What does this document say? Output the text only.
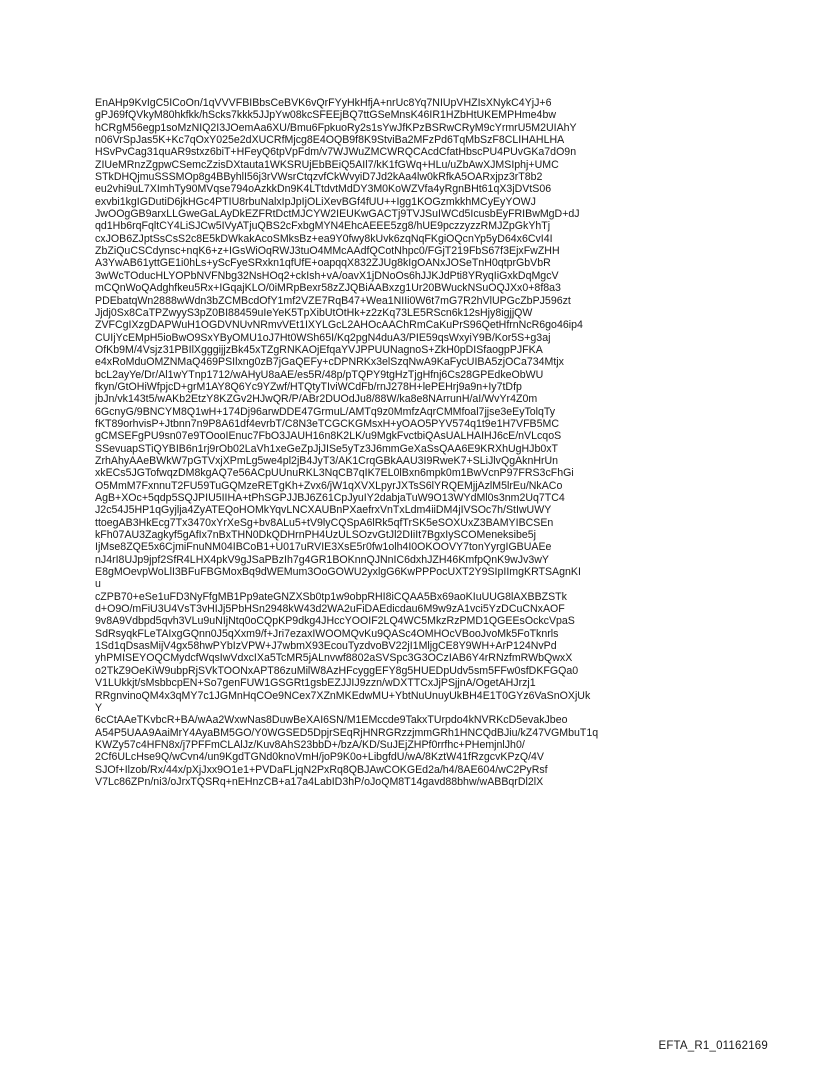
EnAHp9KvIgC5ICoOn/1qVVVFBIBbsCeBVK6vQrFYyHkHfjA+nrUc8Yq7NIUpVHZIsXNykC4YjJ+6
gPJ69fQVkyM80hkfkk/hScks7kkk5JJpYw08kcSFEEjBQ7ttGSeMnsK46IR1HZbHtUKEMPHme4bw
hCRgM56egp1soMzNIQ2I3JOemAa6XU/Bmu6FpkuoRy2s1sYwJfKPzBSRwCRyM9cYrmrU5M2UIAhY
n06VrSpJas5K+Kc7qOxY025e2dXUCRfMjcg8E4OQB9f8K9StviBa2MFzPd6TqMbSzF8CLIHAHLHA
HSvPvCag31quAR9stxz6biT+HFeyQ6tpVpFdm/v7WJWuZMCWRQCAcdCfatHbscPU4PUvGKa7dO9n
ZIUeMRnzZgpwCSemcZzisDXtauta1WKSRUjEbBEiQ5AIl7/kK1fGWq+HLu/uZbAwXJMSIphj+UMC
STkDHQjmuSSSMOp8g4BByhlI56j3rVWsrCtqzvfCkWvyiD7Jd2kAa4lw0kRfkA5OARxjpz3rT8b2
eu2vhi9uL7XImhTy90MVqse794oAzkkDn9K4LTtdvtMdDY3M0KoWZVfa4yRgnBHt61qX3jDVtS06
exvbi1kgIGDutiD6jkHGc4PTIU8rbuNalxIpJpIjOLiXevBGf4fUU++Igg1KOGzmkkhMCyEyYOWJ
JwOOgGB9arxLLGweGaLAyDkEZFRtDctMJCYW2IEUKwGACTj9TVJSuIWCd5IcusbEyFRIBwMgD+dJ
qd1Hb6rqFqltCY4LiSJCw5IVyATjuQBS2cFxbgMYN4EhcAEEE5zg8/hUE9pczzyzzRMJZpGkYhTj
cxJOB6ZJptSsCsS2c8E5kDWkakAcoSMksBz+ea9Y0fwy8kUvk6zqNqFKgiOQcnYp5yD64x6CvI4I
ZbZiQuCSCdynsc+nqK6+z+IGsWiOqRWJ3tuO4MMcAAdfQCotNhpc0/FGjT219FbS67f3EjxFwZHH
A3YwAB61yttGE1i0hLs+yScFyeSRxkn1qfUfE+oapqqX832ZJUg8kIgOANxJOSeTnH0qtprGbVbR
3wWcTOducHLYOPbNVFNbg32NsHOq2+ckIsh+vA/oavX1jDNoOs6hJJKJdPti8YRyqIiGxkDqMgcV
mCQnWoQAdghfkeu5Rx+IGqajKLO/0iMRpBexr58zZJQBiAABxzg1Ur20BWuckNSuOQJXx0+8f8a3
PDEbatqWn2888wWdn3bZCMBcdOfY1mf2VZE7RqB47+Wea1NIIi0W6t7mG7R2hVlUPGcZbPJ596zt
Jjdj0Sx8CaTPZwyyS3pZ0BI88459uIeYeK5TpXibUtOtHk+z2zKq73LE5RScn6k12sHjy8igjjQW
ZVFCgIXzgDAPWuH1OGDVNUvNRmvVEt1IXYLGcL2AHOcAAChRmCaKuPrS96QetHfrnNcR6go46ip4
CUIjYcEMpH5ioBwO9SxYByOMU1oJ7Ht0WSh65I/Kq2pgN4duA3/PIE59qsWxyiY9B/Kor5S+g3aj
OfKb9M/4Vsjz31PBIlXgggijjzBk45xTZgRNKAOjEfqaYVJPPUUNagnoS+ZkH0pDISfaogpPJFKA
e4xRoMduOMZNMaQ469PSIlxng0zB7jGaQEFy+cDPNRKx3elSzqNwA9KaFycUIBA5zjOCa734Mtjx
bcL2ayYe/Dr/Al1wYTnp1712/wAHyU8aAE/es5R/48p/pTQPY9tgHzTjgHfnj6Cs28GPEdkeObWU
fkyn/GtOHiWfpjcD+grM1AY8Q6Yc9YZwf/HTQtyTIviWCdFb/rnJ278H+lePEHrj9a9n+Iy7tDfp
jbJn/vk143t5/wAKb2EtzY8KZGv2HJwQR/P/ABr2DUOdJu8/88W/ka8e8NArrunH/aI/WvYr4Z0m
6GcnyG/9BNCYM8Q1wH+174Dj96arwDDE47GrmuL/AMTq9z0MmfzAqrCMMfoal7jjse3eEyTolqTy
fKT89orhvisP+Jtbnn7n9P8A61df4evrbT/C8N3eTCGCKGMsxH+yOAO5PYV574q1t9e1H7VFB5MC
gCMSEFgPU9sn07e9TOooIEnuc7FbO3JAUH16n8K2LK/u9MgkFvctbiQAsUALHAIHJ6cE/nVLcqoS
SSevuapSTiQYBIB6n1rj9rOb02LaVh1xeGeZpJjJISe5yTz3J6mmGeXaSsQAA6E9KRXhUgHJb0xT
ZrhAhyAAeBWkW7pGTVxjXPmLg5we4pl2jB4JyT3/AK1CrqGBkAAU3I9RweK7+SLiJlvQgAknHrUn
xkECs5JGTofwqzDM8kgAQ7e56ACpUUnuRKL3NqCB7qIK7EL0lBxn6mpk0m1BwVcnP97FRS3cFhGi
O5MmM7FxnnuT2FU59TuGQMzeRETgKh+Zvx6/jW1qXVXLpyrJXTsS6lYRQEMjjAzlM5lrEu/NkACo
AgB+XOc+5qdp5SQJPIU5IIHA+tPhSGPJJBJ6Z61CpJyuIY2dabjaTuW9O13WYdMl0s3nm2Uq7TC4
J2c54J5HP1qGyjlja4ZyATEQoHOMkYqvLNCXAUBnPXaefrxVnTxLdm4iiDM4jIVSOc7h/StIwUWY
ttoegAB3HkEcg7Tx3470xYrXeSg+bv8ALu5+tV9lyCQSpA6lRk5qfTrSK5eSOXUxZ3BAMYIBCSEn
kFh07AU3Zagkyf5gAfIx7nBxTHN0DkQDHrnPH4UzULSOzvGtJl2DIiIt7BgxIySCOMeneksibe5j
IjMse8ZQE5x6CjmiFnuNM04IBCoB1+U017uRVIE3XsE5r0fw1olh4I0OKOOVY7tonYyrgIGBUAEe
nJ4rI8UJp9jpf2SfR4LHX4pkV9gJSaPBzIh7g4GR1BOKnnQJNnIC6dxhJZH46KmfpQnK9wJv3wY
E8gMOevpWoLlI3BFuFBGMoxBq9dWEMum3OoGOWU2yxlgG6KwPPPocUXT2Y9SIpIImgKRTSAgnKI
u
cZPB70+eSe1uFD3NyFfgMB1Pp9ateGNZXSb0tp1w9obpRHI8iCQAA5Bx69aoKIuUUG8lAXBBZSTk
d+O9O/mFiU3U4VsT3vHIJj5PbHSn2948kW43d2WA2uFiDAEdicdau6M9w9zA1vci5YzDCuCNxAOF
9v8A9Vdbpd5qvh3VLu9uNIjNtq0oCQpKP9dkg4JHccYOOIF2LQ4WC5MkzRzPMD1QGEEsOckcVpaS
SdRsyqkFLeTAIxgGQnn0J5qXxm9/f+Jri7ezaxIWOOMQvKu9QASc4OMHOcVBooJvoMk5FoTknrls
1Sd1qDsasMijV4gx58hwPYbIzVPW+J7wbmX93EcouTyzdvoBV22jI1MljgCE8Y9WH+ArP124NvPd
yhPMISEYOQCMydcfWqsIwVdxcIXa5TcMR5jALnvwf8802aSVSpc3G3OCzIAB6Y4rRNzfmRWbQwxX
o2TkZ9OeKiW9ubpRjSVkTOONxAPT86zuMilW8AzHFcyggEFY8g5HUEDpUdv5sm5FFw0sfDKFGQa0
V1LUkkjt/sMsbbcpEN+So7genFUW1GSGRt1gsbEZJJIJ9zzn/wDXTTCxJjPSjjnA/OgetAHJrzj1
RRgnvinoQM4x3qMY7c1JGMnHqCOe9NCex7XZnMKEdwMU+YbtNuUnuyUkBH4E1T0GYz6VaSnOXjUk
Y
6cCtAAeTKvbcR+BA/wAa2WxwNas8DuwBeXAI6SN/M1EMccde9TakxTUrpdo4kNVRKcD5evakJbeo
A54P5UAA9AaiMrY4AyaBM5GO/Y0WGSED5DpjrSEqRjHNRGRzzjmmGRh1HNCQdBJiu/kZ47VGMbuT1q
KWZy57c4HFN8x/j7PFFmCLAlJz/Kuv8AhS23bbD+/bzA/KD/SuJEjZHPf0rrfhc+PHemjnlJh0/
2Cf6ULcHse9Q/wCvn4/un9KgdTGNd0knoVmH/joP9K0o+LibgfdU/wA/8KztW41fRzgcvKPzQ/4V
SJOf+Ilzob/Rx/44x/pXjJxx9O1e1+PVDaFLjqN2PxRq8QBJAwCOKGEd2a/h4/8AE604/wC2PyRsf
V7Lc86ZPn/ni3/oJrxTQSRq+nEHnzCB+a17a4LabID3hP/oJoQM8T14gavd88bhw/wABBqrDl2lX
EFTA_R1_01162169
